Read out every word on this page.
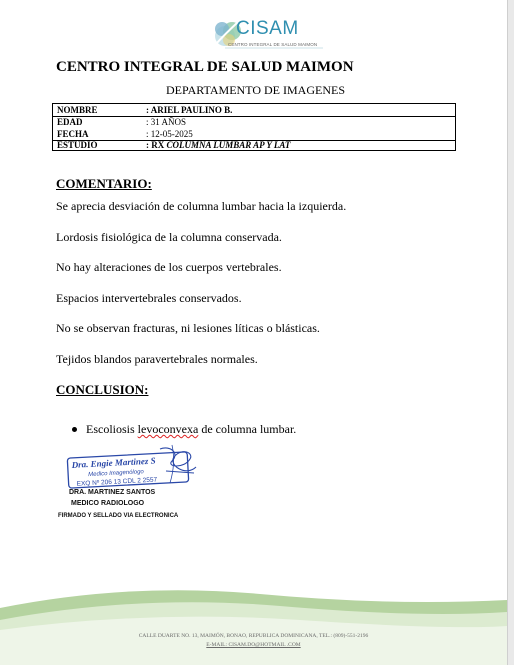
CISAM
CENTRO INTEGRAL DE SALUD MAIMON
CENTRO INTEGRAL DE SALUD MAIMON
DEPARTAMENTO DE IMAGENES
NOMBRE	: ARIEL PAULINO B.
EDAD	: 31 AÑOS
FECHA	: 12-05-2025
ESTUDIO	: RX COLUMNA LUMBAR AP Y LAT
COMENTARIO:
Se aprecia desviación de columna lumbar hacia la izquierda.
Lordosis fisiológica de la columna conservada.
No hay alteraciones de los cuerpos vertebrales.
Espacios intervertebrales conservados.
No se observan fracturas, ni lesiones líticas o blásticas.
Tejidos blandos paravertebrales normales.
CONCLUSION:
Escoliosis levoconvexa de columna lumbar.
Dra. Engie Martinez S
Medico Imagenólogo
EXQ Nº 206 13 CDL 2 2557
DRA. MARTINEZ SANTOS
MEDICO RADIOLOGO
FIRMADO Y SELLADO VIA ELECTRONICA
CALLE DUARTE NO. 13, MAIMÓN, BONAO, REPUBLICA DOMINICANA, TEL.: (809)-551-2196
E-MAIL: CISAM.DO@HOTMAIL .COM
